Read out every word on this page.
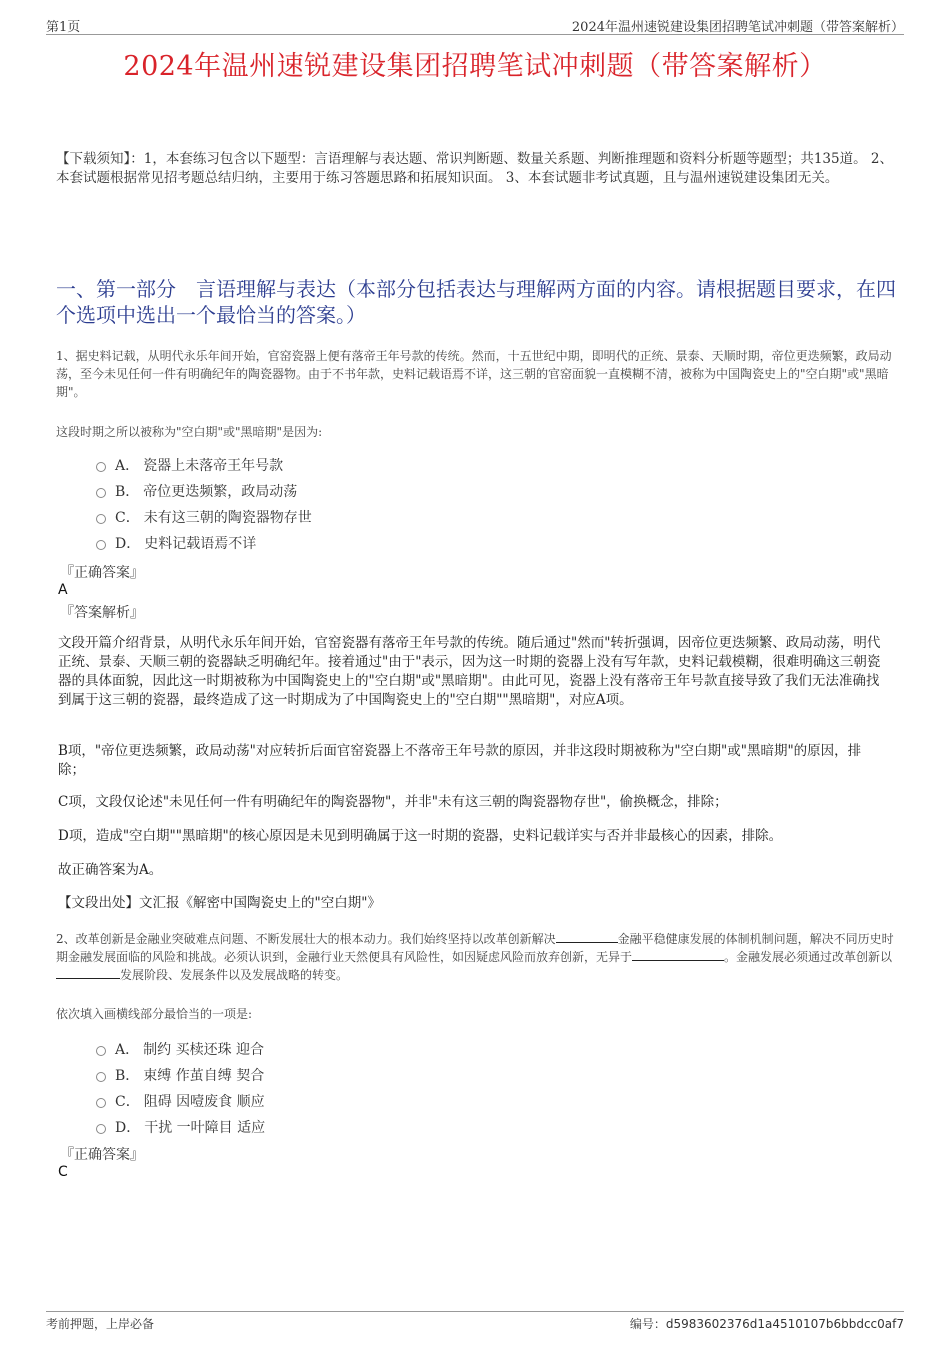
第1页	2024年温州速锐建设集团招聘笔试冲刺题（带答案解析）
2024年温州速锐建设集团招聘笔试冲刺题（带答案解析）
【下载须知】：1，本套练习包含以下题型：言语理解与表达题、常识判断题、数量关系题、判断推理题和资料分析题等题型；共135道。 2、本套试题根据常见招考题总结归纳，主要用于练习答题思路和拓展知识面。 3、本套试题非考试真题，且与温州速锐建设集团无关。
一、第一部分　言语理解与表达（本部分包括表达与理解两方面的内容。请根据题目要求，在四个选项中选出一个最恰当的答案。）
1、据史料记载，从明代永乐年间开始，官窑瓷器上便有落帝王年号款的传统。然而，十五世纪中期，即明代的正统、景泰、天顺时期，帝位更迭频繁，政局动荡，至今未见任何一件有明确纪年的陶瓷器物。由于不书年款，史料记载语焉不详，这三朝的官窑面貌一直模糊不清，被称为中国陶瓷史上的"空白期"或"黑暗期"。
这段时期之所以被称为"空白期"或"黑暗期"是因为:
A． 瓷器上未落帝王年号款
B． 帝位更迭频繁，政局动荡
C． 未有这三朝的陶瓷器物存世
D． 史料记载语焉不详
『正确答案』
A
『答案解析』
文段开篇介绍背景，从明代永乐年间开始，官窑瓷器有落帝王年号款的传统。随后通过"然而"转折强调，因帝位更迭频繁、政局动荡，明代正统、景泰、天顺三朝的瓷器缺乏明确纪年。接着通过"由于"表示，因为这一时期的瓷器上没有写年款，史料记载模糊，很难明确这三朝瓷器的具体面貌，因此这一时期被称为中国陶瓷史上的"空白期"或"黑暗期"。由此可见，瓷器上没有落帝王年号款直接导致了我们无法准确找到属于这三朝的瓷器，最终造成了这一时期成为了中国陶瓷史上的"空白期""黑暗期"，对应A项。
B项，"帝位更迭频繁，政局动荡"对应转折后面官窑瓷器上不落帝王年号款的原因，并非这段时期被称为"空白期"或"黑暗期"的原因，排除；
C项，文段仅论述"未见任何一件有明确纪年的陶瓷器物"，并非"未有这三朝的陶瓷器物存世"，偷换概念，排除；
D项，造成"空白期""黑暗期"的核心原因是未见到明确属于这一时期的瓷器，史料记载详实与否并非最核心的因素，排除。
故正确答案为A。
【文段出处】文汇报《解密中国陶瓷史上的"空白期"》
2、改革创新是金融业突破难点问题、不断发展壮大的根本动力。我们始终坚持以改革创新解决	金融平稳健康发展的体制机制问题，解决不同历史时期金融发展面临的风险和挑战。必须认识到，金融行业天然便具有风险性，如因疑虑风险而放弃创新，无异于	。金融发展必须通过改革创新以发展阶段、发展条件以及发展战略的转变。
依次填入画横线部分最恰当的一项是:
A． 制约 买椟还珠 迎合
B． 束缚 作茧自缚 契合
C． 阻碍 因噎废食 顺应
D． 干扰 一叶障目 适应
『正确答案』
C
考前押题，上岸必备	编号：d5983602376d1a4510107b6bbdcc0af7
